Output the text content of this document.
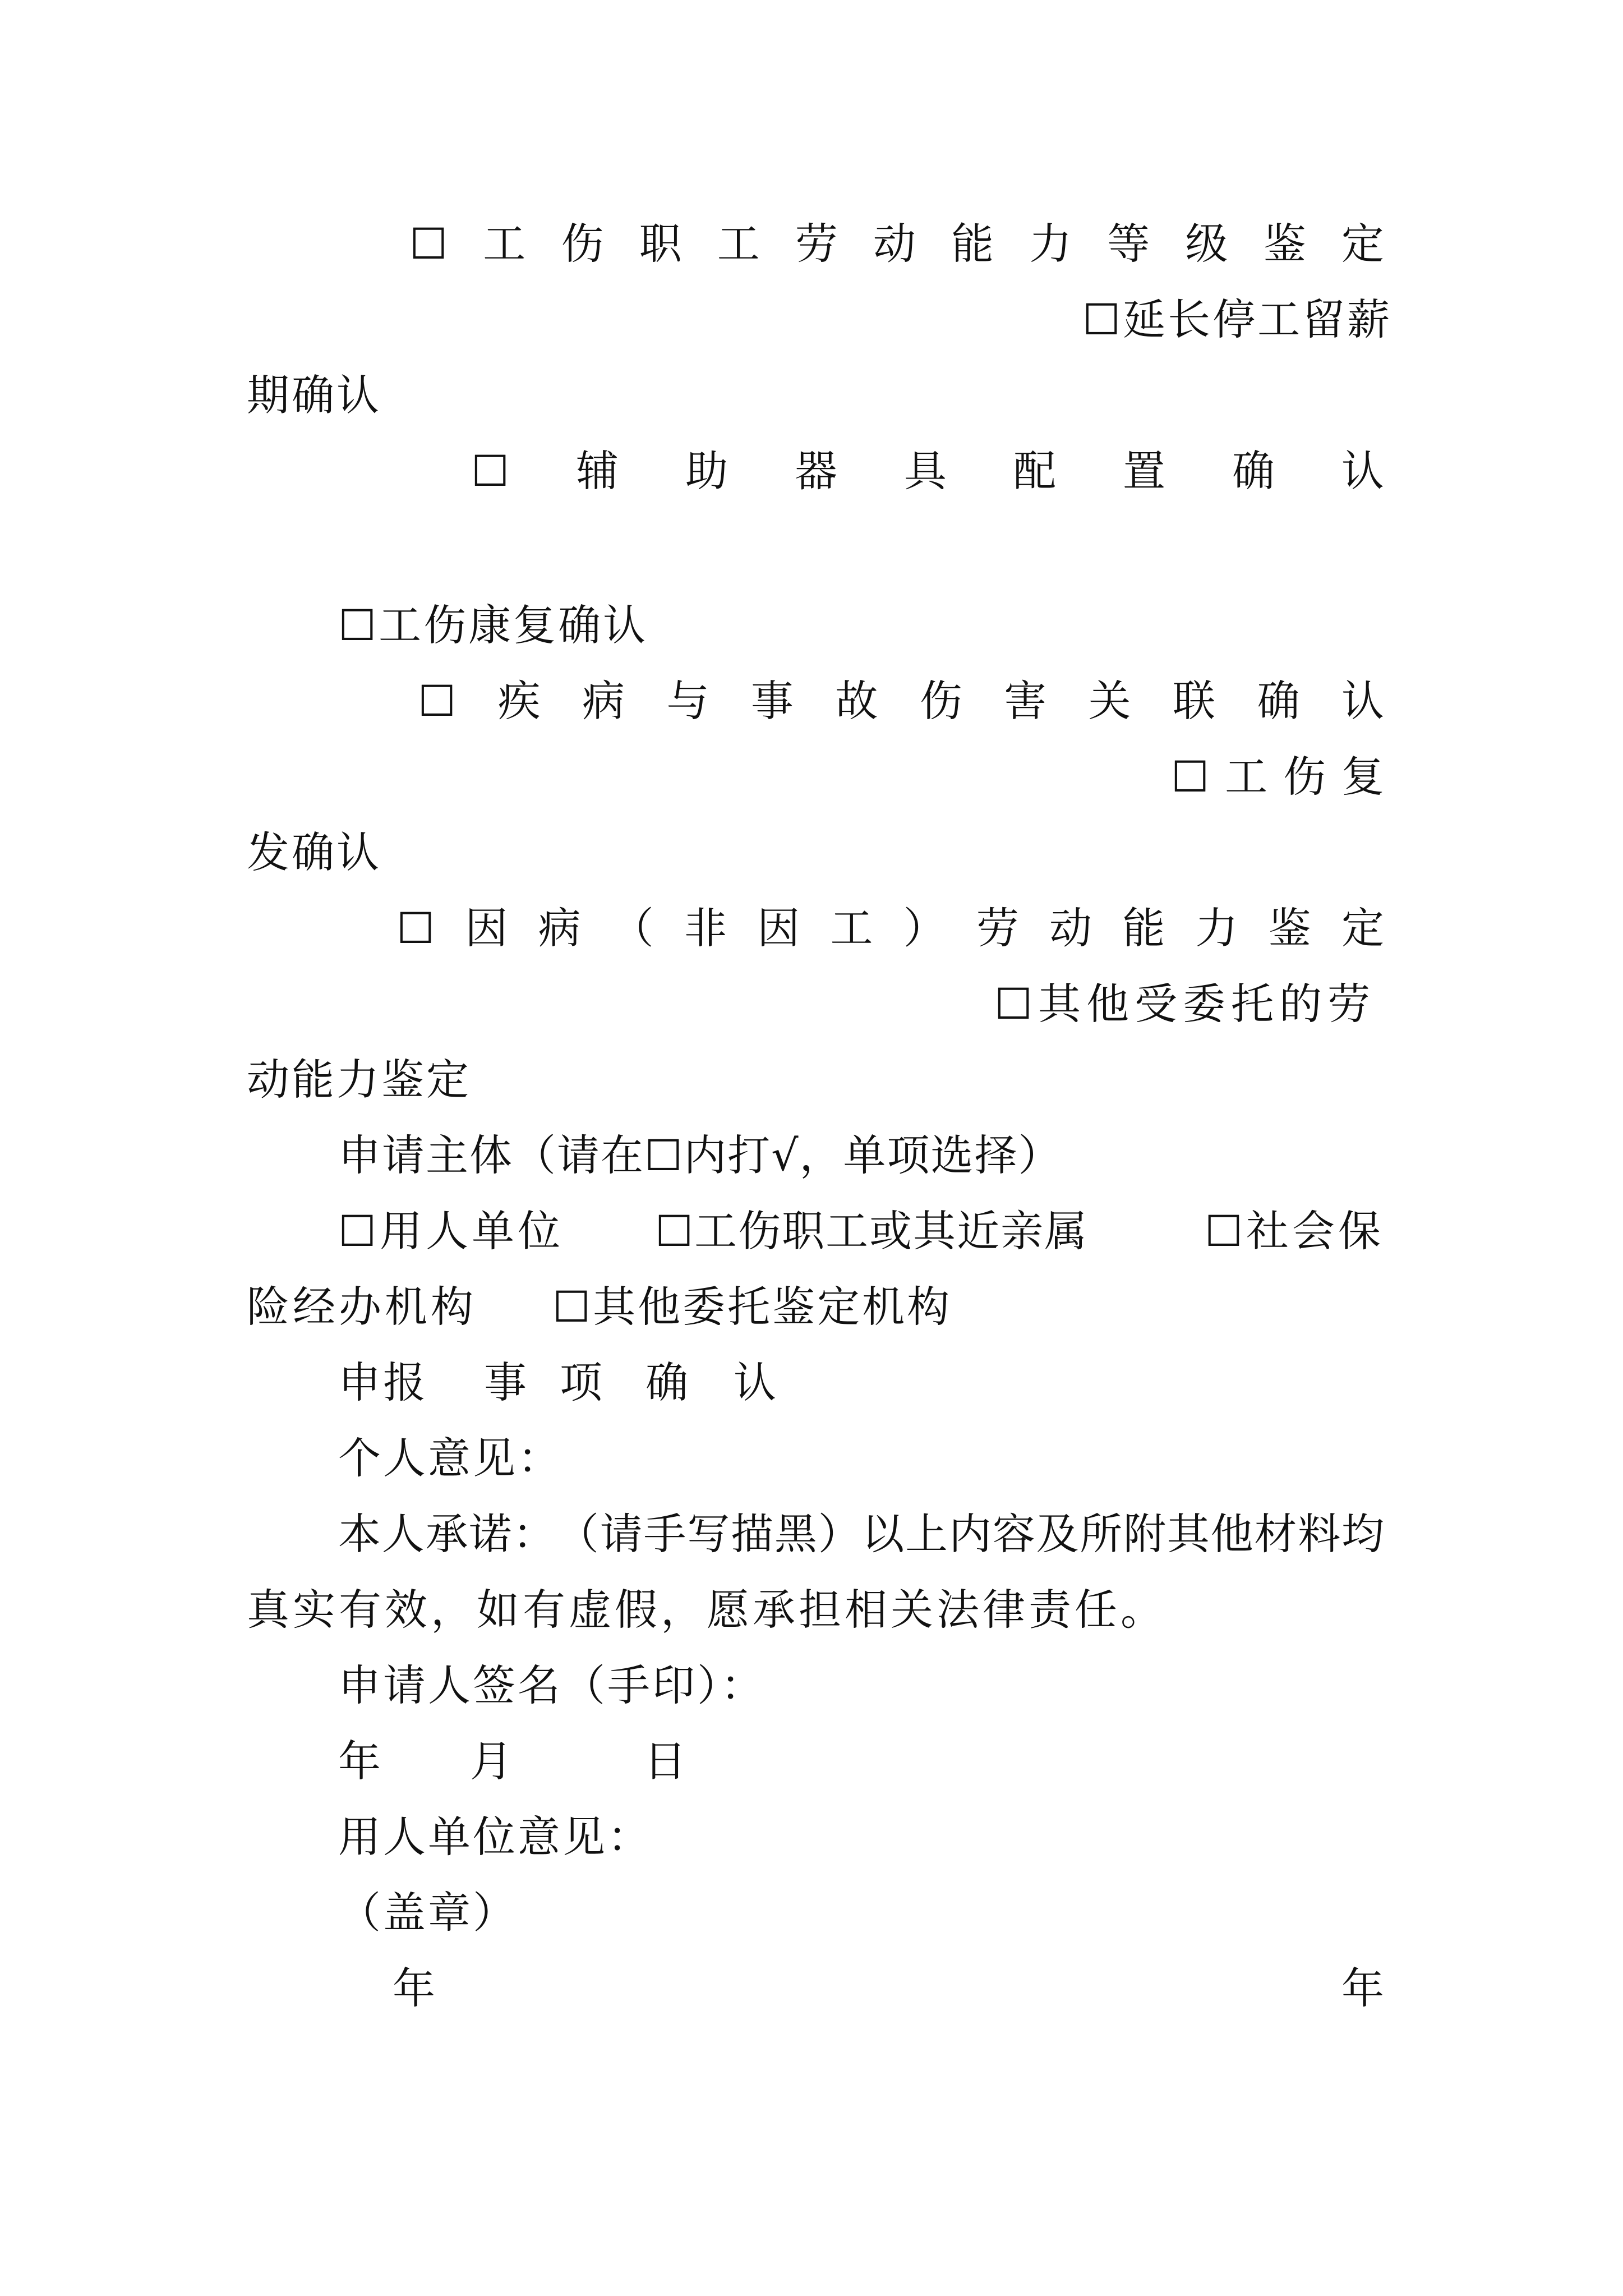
☐ 工 伤 职 工 劳 动 能 力 等 级 鉴 定
☐延长停工留薪
期确认
☐ 辅 助 器 具 配 置 确 认
☐工伤康复确认
☐ 疾 病 与 事 故 伤 害 关 联 确 认
☐ 工 伤 复
发确认
☐ 因 病 （ 非 因 工 ） 劳 动 能 力 鉴 定
☐其他受委托的劳
动能力鉴定
申请主体（请在☐内打√，单项选择）
☐用人单位 ☐工伤职工或其近亲属	☐社会保
险经办机构 ☐其他委托鉴定机构
申报 事 项 确 认
个人意见：
本 人 承 诺 ： （ 请 手 写 描 黑 ） 以 上 内 容 及 所 附 其 他 材 料 均
真实有效，如有虚假，愿承担相关法律责任。
申请人签名（手印）：
年 月	日
用人单位意见：
（盖章）
年	年
